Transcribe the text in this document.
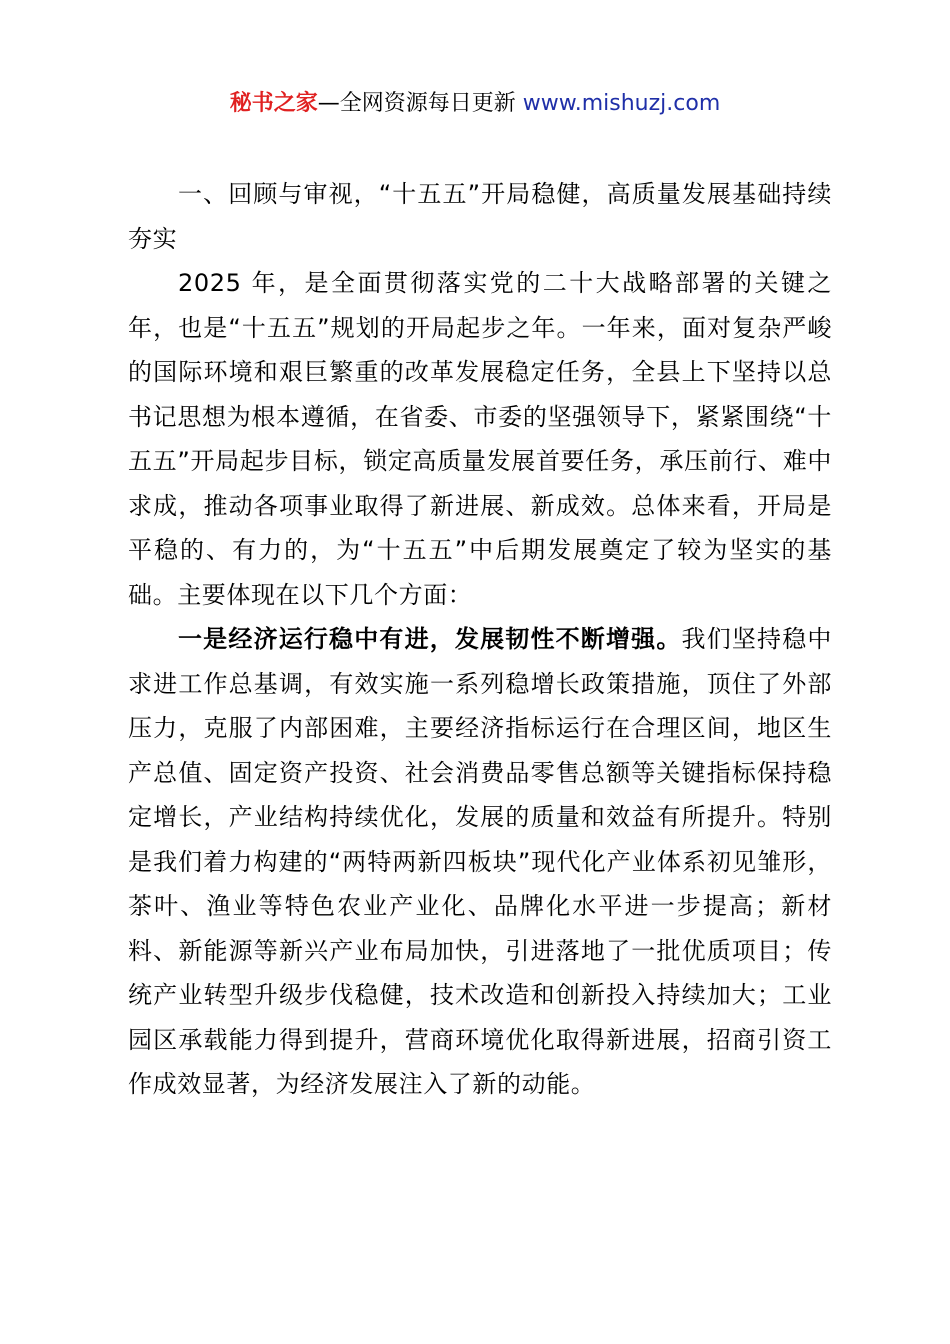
秘书之家—全网资源每日更新 www.mishuzj.com

一、回顾与审视，“十五五”开局稳健，高质量发展基础持续夯实

2025 年，是全面贯彻落实党的二十大战略部署的关键之年，也是“十五五”规划的开局起步之年。一年来，面对复杂严峻的国际环境和艰巨繁重的改革发展稳定任务，全县上下坚持以总书记思想为根本遵循，在省委、市委的坚强领导下，紧紧围绕“十五五”开局起步目标，锁定高质量发展首要任务，承压前行、难中求成，推动各项事业取得了新进展、新成效。总体来看，开局是平稳的、有力的，为“十五五”中后期发展奠定了较为坚实的基础。主要体现在以下几个方面：

一是经济运行稳中有进，发展韧性不断增强。我们坚持稳中求进工作总基调，有效实施一系列稳增长政策措施，顶住了外部压力，克服了内部困难，主要经济指标运行在合理区间，地区生产总值、固定资产投资、社会消费品零售总额等关键指标保持稳定增长，产业结构持续优化，发展的质量和效益有所提升。特别是我们着力构建的“两特两新四板块”现代化产业体系初见雏形，茶叶、渔业等特色农业产业化、品牌化水平进一步提高；新材料、新能源等新兴产业布局加快，引进落地了一批优质项目；传统产业转型升级步伐稳健，技术改造和创新投入持续加大；工业园区承载能力得到提升，营商环境优化取得新进展，招商引资工作成效显著，为经济发展注入了新的动能。
